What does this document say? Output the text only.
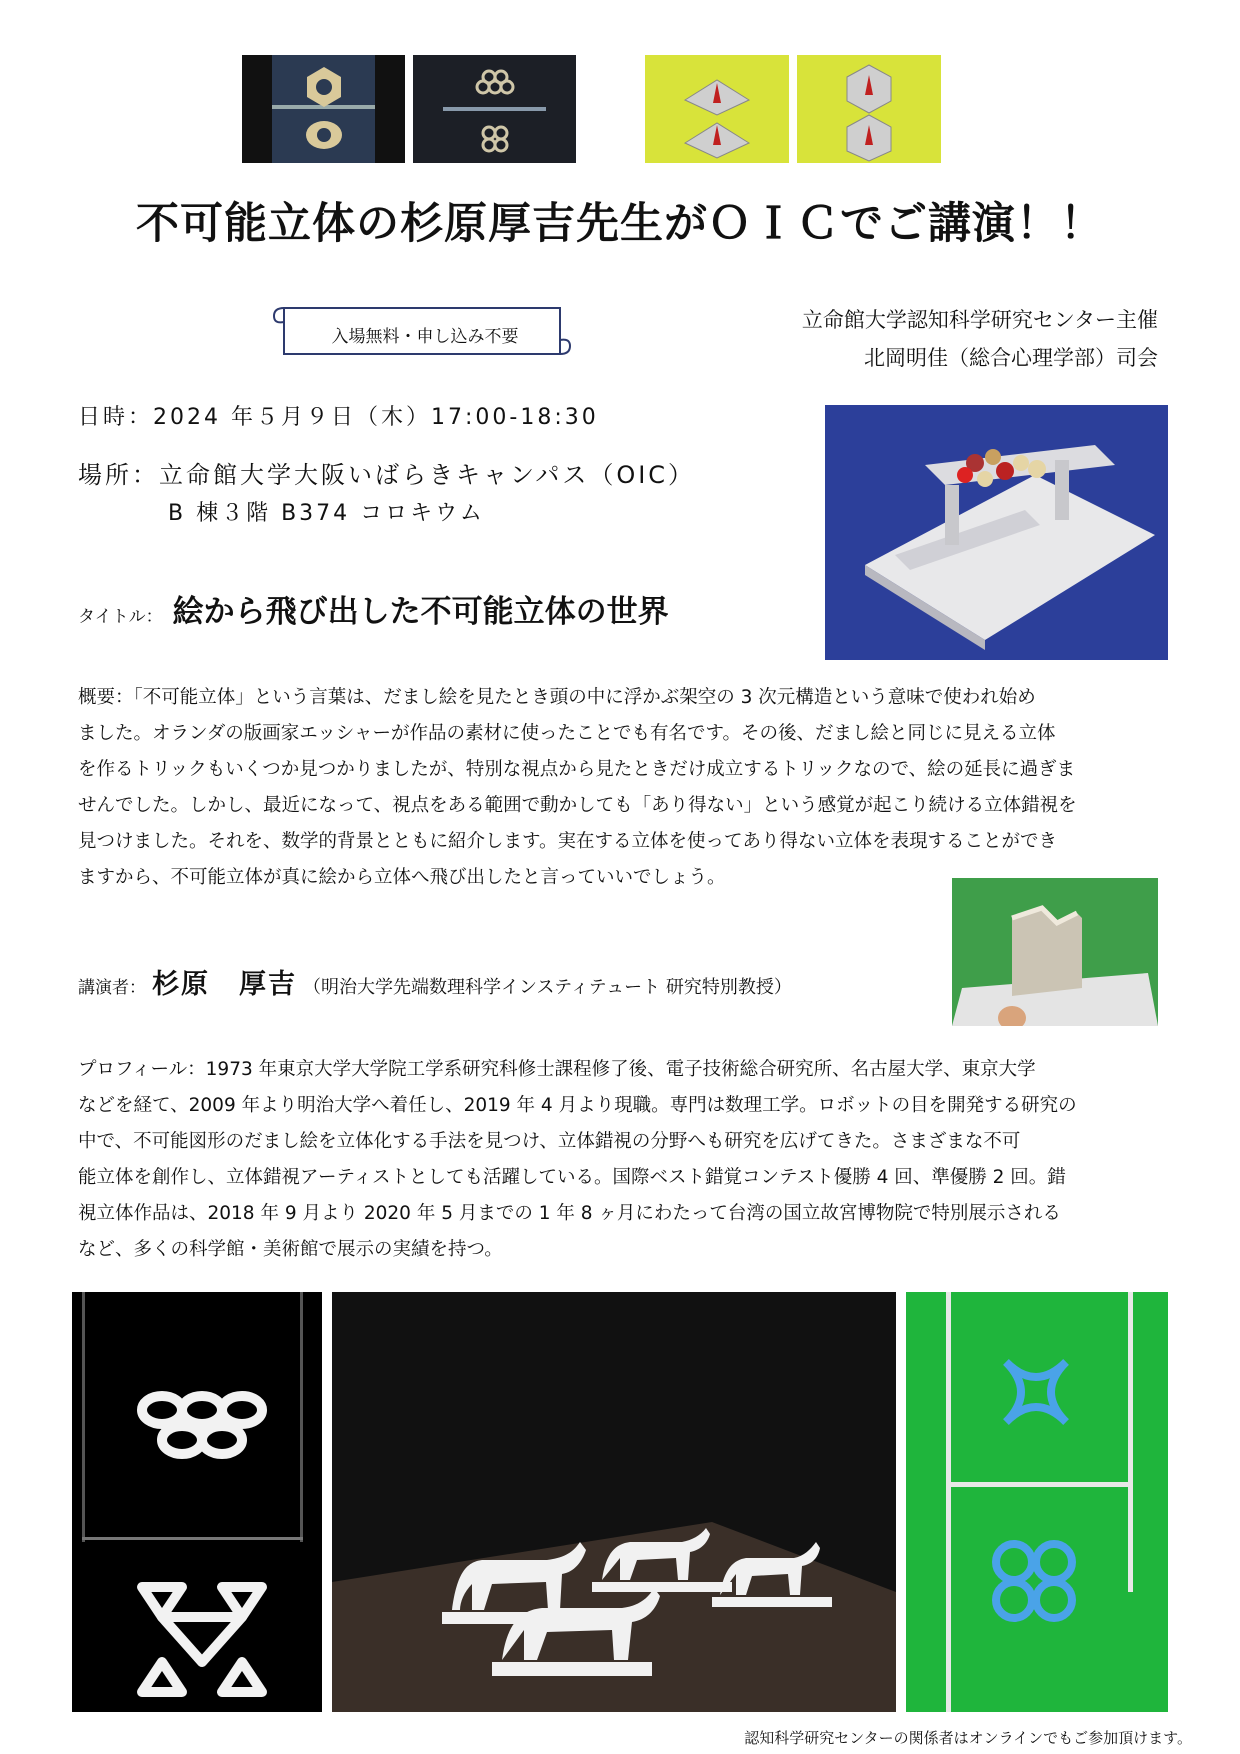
不可能立体の杉原厚吉先生がＯＩＣでご講演！！
入場無料・申し込み不要
立命館大学認知科学研究センター主催
北岡明佳（総合心理学部）司会
日時：2024 年５月９日（木）17:00-18:30
場所：立命館大学大阪いばらきキャンパス（OIC）
B 棟３階 B374 コロキウム
タイトル： 絵から飛び出した不可能立体の世界
概要：「不可能立体」という言葉は、だまし絵を見たとき頭の中に浮かぶ架空の 3 次元構造という意味で使われ始め
ました。オランダの版画家エッシャーが作品の素材に使ったことでも有名です。その後、だまし絵と同じに見える立体
を作るトリックもいくつか見つかりましたが、特別な視点から見たときだけ成立するトリックなので、絵の延長に過ぎま
せんでした。しかし、最近になって、視点をある範囲で動かしても「あり得ない」という感覚が起こり続ける立体錯視を
見つけました。それを、数学的背景とともに紹介します。実在する立体を使ってあり得ない立体を表現することができ
ますから、不可能立体が真に絵から立体へ飛び出したと言っていいでしょう。
講演者： 杉原　厚吉 （明治大学先端数理科学インスティテュート 研究特別教授）
プロフィール：1973 年東京大学大学院工学系研究科修士課程修了後、電子技術総合研究所、名古屋大学、東京大学
などを経て、2009 年より明治大学へ着任し、2019 年 4 月より現職。専門は数理工学。ロボットの目を開発する研究の
中で、不可能図形のだまし絵を立体化する手法を見つけ、立体錯視の分野へも研究を広げてきた。さまざまな不可
能立体を創作し、立体錯視アーティストとしても活躍している。国際ベスト錯覚コンテスト優勝 4 回、準優勝 2 回。錯
視立体作品は、2018 年 9 月より 2020 年 5 月までの 1 年 8 ヶ月にわたって台湾の国立故宮博物院で特別展示される
など、多くの科学館・美術館で展示の実績を持つ。
認知科学研究センターの関係者はオンラインでもご参加頂けます。
